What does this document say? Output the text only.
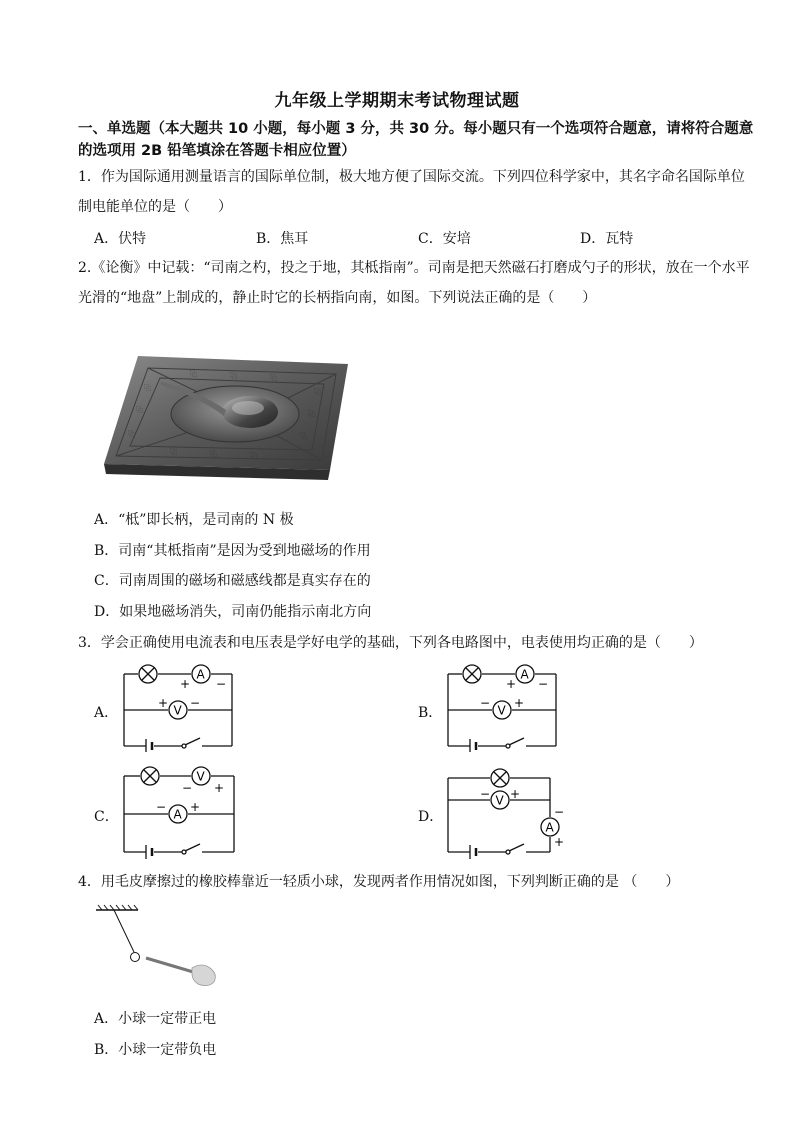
九年级上学期期末考试物理试题
一、单选题（本大题共 10 小题，每小题 3 分，共 30 分。每小题只有一个选项符合题意，请将符合题意的选项用 2B 铅笔填涂在答题卡相应位置）
1．作为国际通用测量语言的国际单位制，极大地方便了国际交流。下列四位科学家中，其名字命名国际单位制电能单位的是（　　）
A．伏特	B．焦耳	C．安培	D．瓦特
2.《论衡》中记载：“司南之杓，投之于地，其柢指南”。司南是把天然磁石打磨成勺子的形状，放在一个水平光滑的“地盘”上制成的，静止时它的长柄指向南，如图。下列说法正确的是（　　）
⿻
⿻
⿻
⿻
⿻
⿻
⿻	⿻	⿻
⿻	⿻	⿻
A．“柢”即长柄，是司南的 N 极
B．司南“其柢指南”是因为受到地磁场的作用
C．司南周围的磁场和磁感线都是真实存在的
D．如果地磁场消失，司南仍能指示南北方向
3．学会正确使用电流表和电压表是学好电学的基础，下列各电路图中，电表使用均正确的是（　　）
A．	B．
C．	D．
A
V
+ −
+ −
A
V
+ −
− +
V
A
− +
− +	V
A
− +
−
+
4．用毛皮摩擦过的橡胶棒靠近一轻质小球，发现两者作用情况如图，下列判断正确的是 （　　）
A．小球一定带正电
B．小球一定带负电
